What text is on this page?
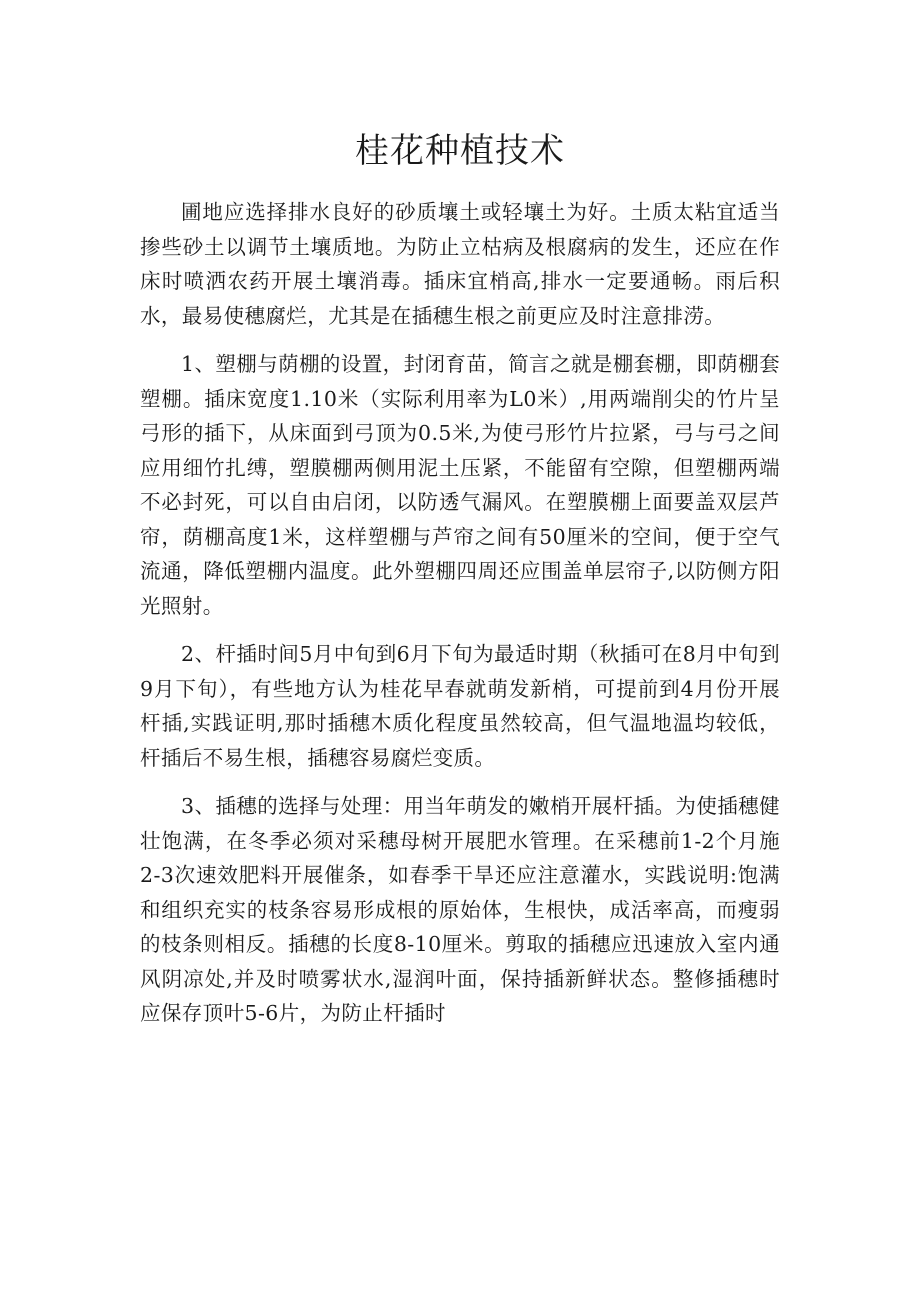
桂花种植技术

圃地应选择排水良好的砂质壤土或轻壤土为好。土质太粘宜适当掺些砂土以调节土壤质地。为防止立枯病及根腐病的发生，还应在作床时喷洒农药开展土壤消毒。插床宜梢高,排水一定要通畅。雨后积水，最易使穗腐烂，尤其是在插穗生根之前更应及时注意排涝。

1、塑棚与荫棚的设置，封闭育苗，简言之就是棚套棚，即荫棚套塑棚。插床宽度1.10米（实际利用率为L0米）,用两端削尖的竹片呈弓形的插下，从床面到弓顶为0.5米,为使弓形竹片拉紧，弓与弓之间应用细竹扎缚，塑膜棚两侧用泥土压紧，不能留有空隙，但塑棚两端不必封死，可以自由启闭，以防透气漏风。在塑膜棚上面要盖双层芦帘，荫棚高度1米，这样塑棚与芦帘之间有50厘米的空间，便于空气流通，降低塑棚内温度。此外塑棚四周还应围盖单层帘子,以防侧方阳光照射。

2、杆插时间5月中旬到6月下旬为最适时期（秋插可在8月中旬到9月下旬），有些地方认为桂花早春就萌发新梢，可提前到4月份开展杆插,实践证明,那时插穗木质化程度虽然较高，但气温地温均较低，杆插后不易生根，插穗容易腐烂变质。

3、插穗的选择与处理：用当年萌发的嫩梢开展杆插。为使插穗健壮饱满，在冬季必须对采穗母树开展肥水管理。在采穗前1-2个月施2-3次速效肥料开展催条，如春季干旱还应注意灌水，实践说明:饱满和组织充实的枝条容易形成根的原始体，生根快，成活率高，而瘦弱的枝条则相反。插穗的长度8-10厘米。剪取的插穗应迅速放入室内通风阴凉处,并及时喷雾状水,湿润叶面，保持插新鲜状态。整修插穗时应保存顶叶5-6片，为防止杆插时
